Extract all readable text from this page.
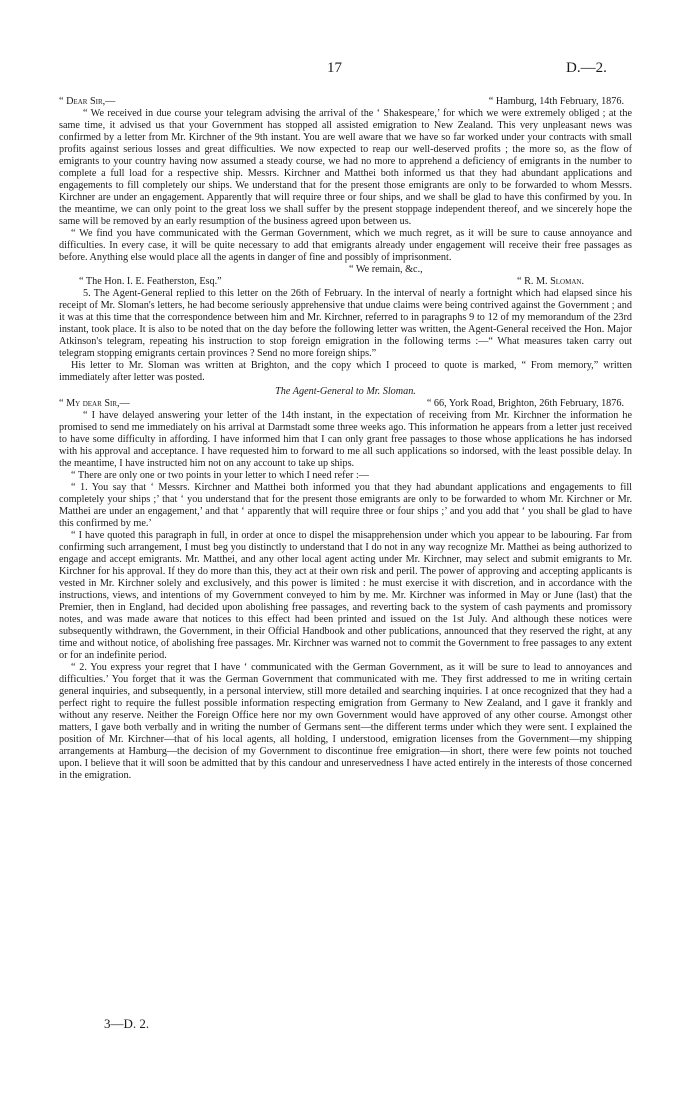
17	D.—2.
“ Dear Sir,—	“ Hamburg, 14th February, 1876.

“ We received in due course your telegram advising the arrival of the ‘ Shakespeare,’ for which we were extremely obliged ; at the same time, it advised us that your Government has stopped all assisted emigration to New Zealand. This very unpleasant news was confirmed by a letter from Mr. Kirchner of the 9th instant. You are well aware that we have so far worked under your contracts with small profits against serious losses and great difficulties. We now expected to reap our well-deserved profits ; the more so, as the flow of emigrants to your country having now assumed a steady course, we had no more to apprehend a deficiency of emigrants in the number to complete a full load for a respective ship. Messrs. Kirchner and Matthei both informed us that they had abundant applications and engagements to fill completely our ships. We understand that for the present those emigrants are only to be forwarded to whom Messrs. Kirchner are under an engagement. Apparently that will require three or four ships, and we shall be glad to have this confirmed by you. In the meantime, we can only point to the great loss we shall suffer by the present stoppage independent thereof, and we sincerely hope the same will be removed by an early resumption of the business agreed upon between us.

“ We find you have communicated with the German Government, which we much regret, as it will be sure to cause annoyance and difficulties. In every case, it will be quite necessary to add that emigrants already under engagement will receive their free passages as before. Anything else would place all the agents in danger of fine and possibly of imprisonment.

“ We remain, &c.,

“ The Hon. I. E. Featherston, Esq.”	“ R. M. Sloman.

5. The Agent-General replied to this letter on the 26th of February. In the interval of nearly a fortnight which had elapsed since his receipt of Mr. Sloman's letters, he had become seriously apprehensive that undue claims were being contrived against the Government ; and it was at this time that the correspondence between him and Mr. Kirchner, referred to in paragraphs 9 to 12 of my memorandum of the 23rd instant, took place. It is also to be noted that on the day before the following letter was written, the Agent-General received the Hon. Major Atkinson's telegram, repeating his instruction to stop foreign emigration in the following terms :—“ What measures taken carry out telegram stopping emigrants certain provinces ? Send no more foreign ships.”

His letter to Mr. Sloman was written at Brighton, and the copy which I proceed to quote is marked, “ From memory,” written immediately after letter was posted.

The Agent-General to Mr. Sloman.

“ My dear Sir,—	“ 66, York Road, Brighton, 26th February, 1876.

“ I have delayed answering your letter of the 14th instant, in the expectation of receiving from Mr. Kirchner the information he promised to send me immediately on his arrival at Darmstadt some three weeks ago. This information he appears from a letter just received to have some difficulty in affording. I have informed him that I can only grant free passages to those whose applications he has indorsed with his approval and acceptance. I have requested him to forward to me all such applications so indorsed, with the least possible delay. In the meantime, I have instructed him not on any account to take up ships.

“ There are only one or two points in your letter to which I need refer :—

“ 1. You say that ‘ Messrs. Kirchner and Matthei both informed you that they had abundant applications and engagements to fill completely your ships ;’ that ‘ you understand that for the present those emigrants are only to be forwarded to whom Mr. Kirchner or Mr. Matthei are under an engagement,’ and that ‘ apparently that will require three or four ships ;’ and you add that ‘ you shall be glad to have this confirmed by me.’

“ I have quoted this paragraph in full, in order at once to dispel the misapprehension under which you appear to be labouring. Far from confirming such arrangement, I must beg you distinctly to understand that I do not in any way recognize Mr. Matthei as being authorized to engage and accept emigrants. Mr. Matthei, and any other local agent acting under Mr. Kirchner, may select and submit emigrants to Mr. Kirchner for his approval. If they do more than this, they act at their own risk and peril. The power of approving and accepting applicants is vested in Mr. Kirchner solely and exclusively, and this power is limited : he must exercise it with discretion, and in accordance with the instructions, views, and intentions of my Government conveyed to him by me. Mr. Kirchner was informed in May or June (last) that the Premier, then in England, had decided upon abolishing free passages, and reverting back to the system of cash payments and promissory notes, and was made aware that notices to this effect had been printed and issued on the 1st July. And although these notices were subsequently withdrawn, the Government, in their Official Handbook and other publications, announced that they reserved the right, at any time and without notice, of abolishing free passages. Mr. Kirchner was warned not to commit the Government to free passages to any extent or for an indefinite period.

“ 2. You express your regret that I have ‘ communicated with the German Government, as it will be sure to lead to annoyances and difficulties.’ You forget that it was the German Government that communicated with me. They first addressed to me in writing certain general inquiries, and subsequently, in a personal interview, still more detailed and searching inquiries. I at once recognized that they had a perfect right to require the fullest possible information respecting emigration from Germany to New Zealand, and I gave it frankly and without any reserve. Neither the Foreign Office here nor my own Government would have approved of any other course. Amongst other matters, I gave both verbally and in writing the number of Germans sent—the different terms under which they were sent. I explained the position of Mr. Kirchner—that of his local agents, all holding, I understood, emigration licenses from the Government—my shipping arrangements at Hamburg—the decision of my Government to discontinue free emigration—in short, there were few points not touched upon. I believe that it will soon be admitted that by this candour and unreservedness I have acted entirely in the interests of those concerned in the emigration.

3—D. 2.
